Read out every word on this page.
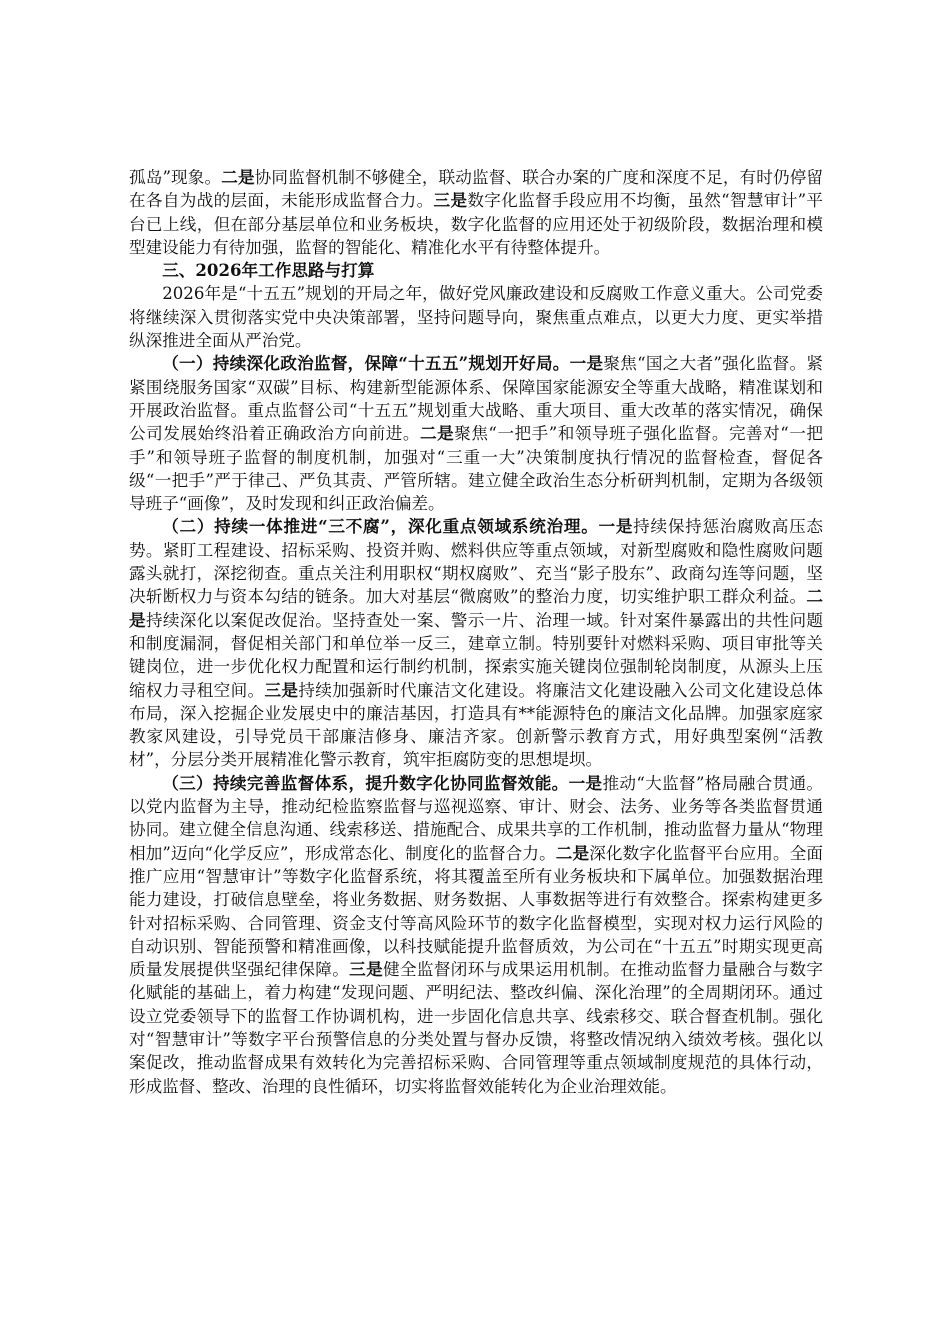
孤岛”现象。二是协同监督机制不够健全，联动监督、联合办案的广度和深度不足，有时仍停留在各自为战的层面，未能形成监督合力。三是数字化监督手段应用不均衡，虽然“智慧审计”平台已上线，但在部分基层单位和业务板块，数字化监督的应用还处于初级阶段，数据治理和模型建设能力有待加强，监督的智能化、精准化水平有待整体提升。

三、2026年工作思路与打算

2026年是“十五五”规划的开局之年，做好党风廉政建设和反腐败工作意义重大。公司党委将继续深入贯彻落实党中央决策部署，坚持问题导向，聚焦重点难点，以更大力度、更实举措纵深推进全面从严治党。

（一）持续深化政治监督，保障“十五五”规划开好局。一是聚焦“国之大者”强化监督。紧紧围绕服务国家“双碳”目标、构建新型能源体系、保障国家能源安全等重大战略，精准谋划和开展政治监督。重点监督公司“十五五”规划重大战略、重大项目、重大改革的落实情况，确保公司发展始终沿着正确政治方向前进。二是聚焦“一把手”和领导班子强化监督。完善对“一把手”和领导班子监督的制度机制，加强对“三重一大”决策制度执行情况的监督检查，督促各级“一把手”严于律己、严负其责、严管所辖。建立健全政治生态分析研判机制，定期为各级领导班子“画像”，及时发现和纠正政治偏差。

（二）持续一体推进“三不腐”，深化重点领域系统治理。一是持续保持惩治腐败高压态势。紧盯工程建设、招标采购、投资并购、燃料供应等重点领域，对新型腐败和隐性腐败问题露头就打，深挖彻查。重点关注利用职权“期权腐败”、充当“影子股东”、政商勾连等问题，坚决斩断权力与资本勾结的链条。加大对基层“微腐败”的整治力度，切实维护职工群众利益。二是持续深化以案促改促治。坚持查处一案、警示一片、治理一域。针对案件暴露出的共性问题和制度漏洞，督促相关部门和单位举一反三，建章立制。特别要针对燃料采购、项目审批等关键岗位，进一步优化权力配置和运行制约机制，探索实施关键岗位强制轮岗制度，从源头上压缩权力寻租空间。三是持续加强新时代廉洁文化建设。将廉洁文化建设融入公司文化建设总体布局，深入挖掘企业发展史中的廉洁基因，打造具有**能源特色的廉洁文化品牌。加强家庭家教家风建设，引导党员干部廉洁修身、廉洁齐家。创新警示教育方式，用好典型案例“活教材”，分层分类开展精准化警示教育，筑牢拒腐防变的思想堤坝。

（三）持续完善监督体系，提升数字化协同监督效能。一是推动“大监督”格局融合贯通。以党内监督为主导，推动纪检监察监督与巡视巡察、审计、财会、法务、业务等各类监督贯通协同。建立健全信息沟通、线索移送、措施配合、成果共享的工作机制，推动监督力量从“物理相加”迈向“化学反应”，形成常态化、制度化的监督合力。二是深化数字化监督平台应用。全面推广应用“智慧审计”等数字化监督系统，将其覆盖至所有业务板块和下属单位。加强数据治理能力建设，打破信息壁垒，将业务数据、财务数据、人事数据等进行有效整合。探索构建更多针对招标采购、合同管理、资金支付等高风险环节的数字化监督模型，实现对权力运行风险的自动识别、智能预警和精准画像，以科技赋能提升监督质效，为公司在“十五五”时期实现更高质量发展提供坚强纪律保障。三是健全监督闭环与成果运用机制。在推动监督力量融合与数字化赋能的基础上，着力构建“发现问题、严明纪法、整改纠偏、深化治理”的全周期闭环。通过设立党委领导下的监督工作协调机构，进一步固化信息共享、线索移交、联合督查机制。强化对“智慧审计”等数字平台预警信息的分类处置与督办反馈，将整改情况纳入绩效考核。强化以案促改，推动监督成果有效转化为完善招标采购、合同管理等重点领域制度规范的具体行动，形成监督、整改、治理的良性循环，切实将监督效能转化为企业治理效能。
